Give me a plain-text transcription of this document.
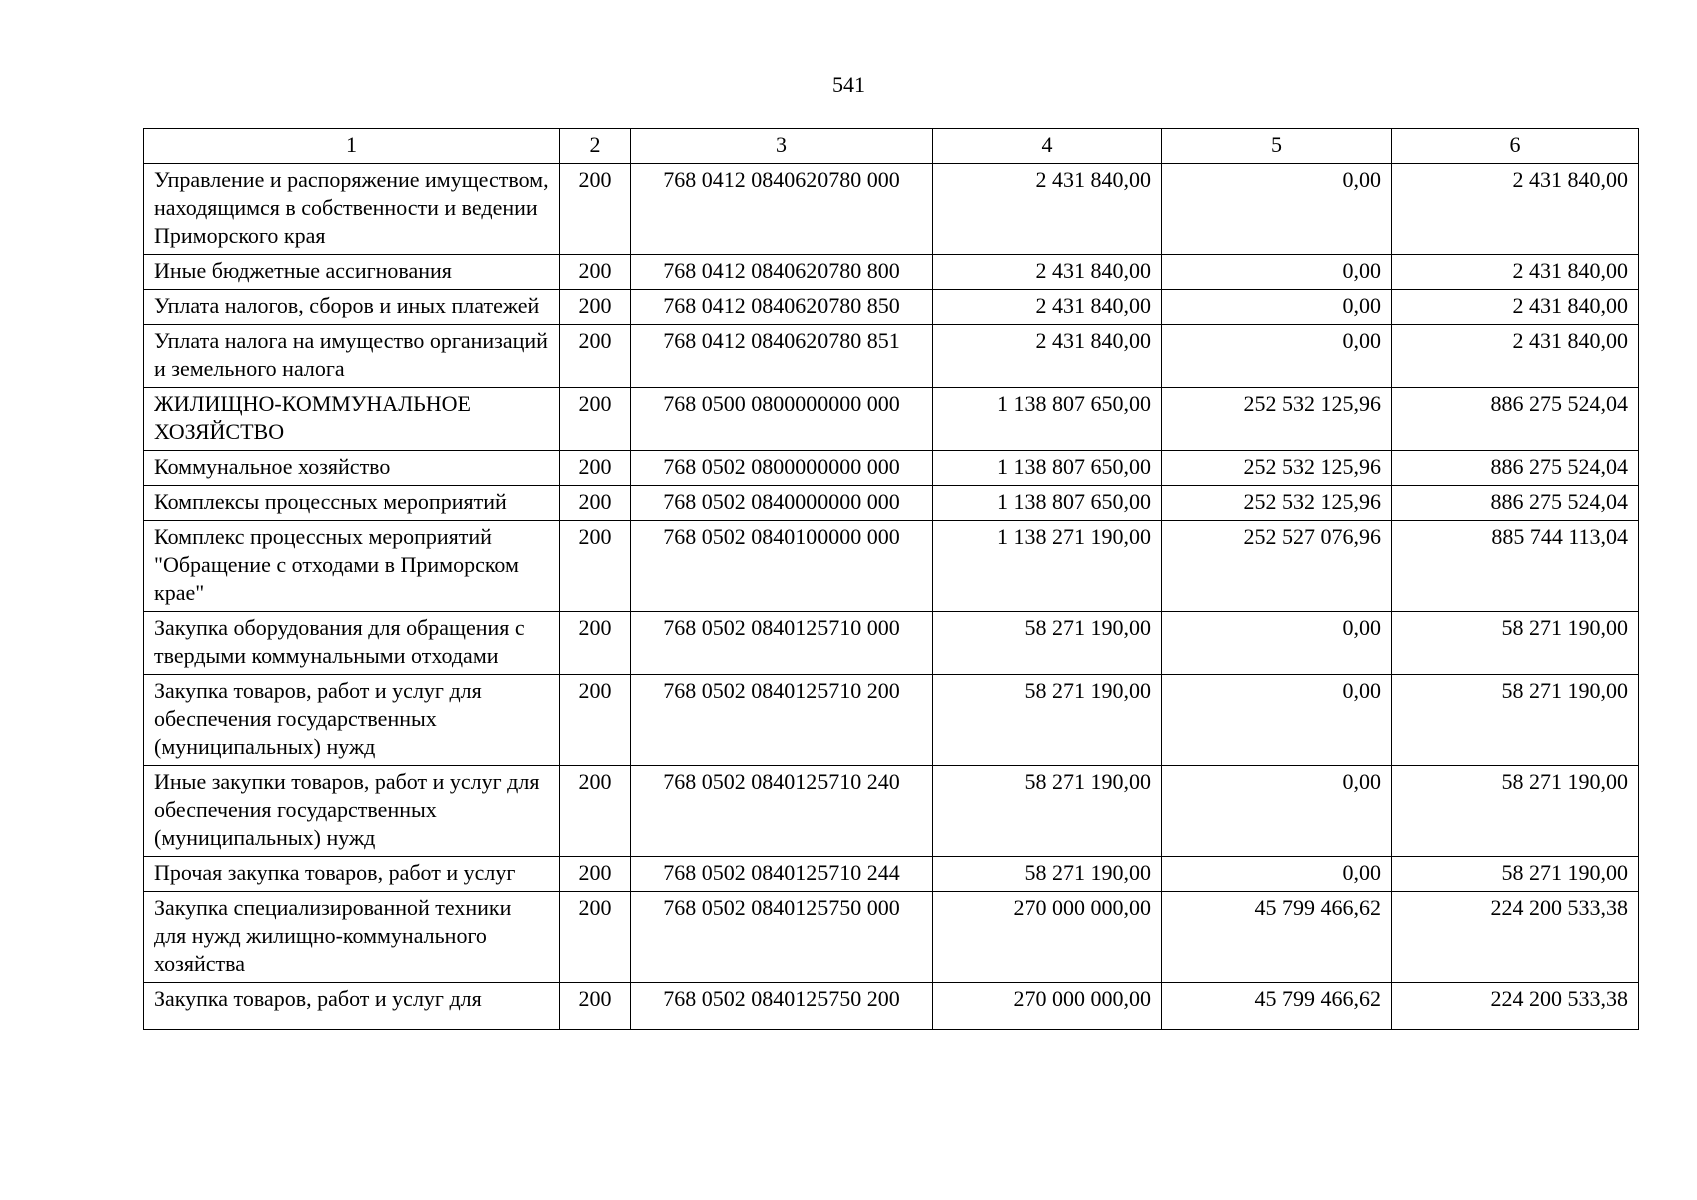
541
1	2	3	4	5	6
Управление и распоряжение имуществом, находящимся в собственности и ведении Приморского края	200	768 0412 0840620780 000	2 431 840,00	0,00	2 431 840,00
Иные бюджетные ассигнования	200	768 0412 0840620780 800	2 431 840,00	0,00	2 431 840,00
Уплата налогов, сборов и иных платежей	200	768 0412 0840620780 850	2 431 840,00	0,00	2 431 840,00
Уплата налога на имущество организаций и земельного налога	200	768 0412 0840620780 851	2 431 840,00	0,00	2 431 840,00
ЖИЛИЩНО-КОММУНАЛЬНОЕ ХОЗЯЙСТВО	200	768 0500 0800000000 000	1 138 807 650,00	252 532 125,96	886 275 524,04
Коммунальное хозяйство	200	768 0502 0800000000 000	1 138 807 650,00	252 532 125,96	886 275 524,04
Комплексы процессных мероприятий	200	768 0502 0840000000 000	1 138 807 650,00	252 532 125,96	886 275 524,04
Комплекс процессных мероприятий "Обращение с отходами в Приморском крае"	200	768 0502 0840100000 000	1 138 271 190,00	252 527 076,96	885 744 113,04
Закупка оборудования для обращения с твердыми коммунальными отходами	200	768 0502 0840125710 000	58 271 190,00	0,00	58 271 190,00
Закупка товаров, работ и услуг для обеспечения государственных (муниципальных) нужд	200	768 0502 0840125710 200	58 271 190,00	0,00	58 271 190,00
Иные закупки товаров, работ и услуг для обеспечения государственных (муниципальных) нужд	200	768 0502 0840125710 240	58 271 190,00	0,00	58 271 190,00
Прочая закупка товаров, работ и услуг	200	768 0502 0840125710 244	58 271 190,00	0,00	58 271 190,00
Закупка специализированной техники для нужд жилищно-коммунального хозяйства	200	768 0502 0840125750 000	270 000 000,00	45 799 466,62	224 200 533,38
Закупка товаров, работ и услуг для	200	768 0502 0840125750 200	270 000 000,00	45 799 466,62	224 200 533,38
